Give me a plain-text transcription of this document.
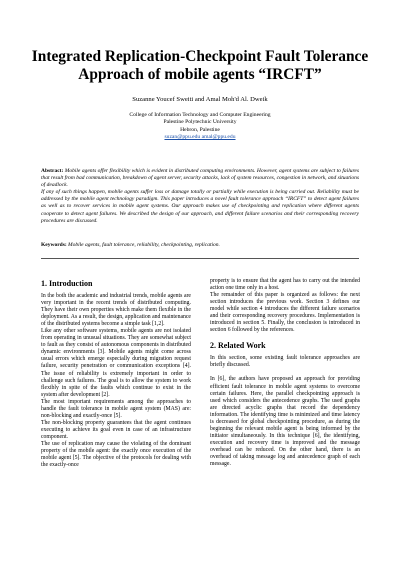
Integrated Replication-Checkpoint Fault Tolerance
Approach of mobile agents “IRCFT”
Suzanne Youcef Sweiti and Amal Moh'd Al. Dweik
College of Information Technology and Computer Engineering
Palestine Polytechnic University
Hebron, Palestine
suzan@ppu.edu amal@ppu.edu

Abstract: Mobile agents offer flexibility which is evident in distributed computing environments. However, agent systems are subject to failures that result from bad communication, breakdown of agent server, security attacks, lack of system resources, congestion in network, and situations of deadlock.

If any of such things happen, mobile agents suffer loss or damage totally or partially while execution is being carried out. Reliability must be addressed by the mobile agent technology paradigm. This paper introduces a novel fault tolerance approach “IRCFT” to detect agent failures as well as to recover services in mobile agent systems. Our approach makes use of checkpointing and replication where different agents cooperate to detect agent failures. We described the design of our approach, and different failure scenarios and their corresponding recovery procedures are discussed.

Keywords: Mobile agents, fault tolerance, reliability, checkpointing, replication.
1. Introduction

In the both the academic and industrial trends, mobile agents are very important in the recent trends of distributed computing. They have their own properties which make them flexible in the deployment. As a result, the design, application and maintenance of the distributed systems become a simple task [1,2].

Like any other software systems, mobile agents are not isolated from operating in unusual situations. They are somewhat subject to fault as they consist of autonomous components in distributed dynamic environments [3]. Mobile agents might come across usual errors which emerge especially during migration request failure, security penetration or communication exceptions [4]. The issue of reliability is extremely important in order to challenge such failures. The goal is to allow the system to work flexibly in spite of the faults which continue to exist in the system after development [2].

The most important requirements among the approaches to handle the fault tolerance in mobile agent system (MAS) are: non-blocking and exactly-once [5].

The non-blocking property guarantees that the agent continues executing to achieve its goal even in case of an infrastructure component.

The use of replication may cause the violating of the dominant property of the mobile agent: the exactly once execution of the mobile agent [5]. The objective of the protocols for dealing with the exactly-once

property is to ensure that the agent has to carry out the intended action one time only in a host.

The remainder of this paper is organized as follows: the next section introduces the previous work. Section 3 defines our model while section 4 introduces the different failure scenarios and their corresponding recovery procedures. Implementation is introduced in section 5. Finally, the conclusion is introduced in section 6 followed by the references.

2. Related Work

In this section, some existing fault tolerance approaches are briefly discussed.

In [6], the authors have proposed an approach for providing efficient fault tolerance in mobile agent systems to overcome certain failures. Here, the parallel checkpointing approach is used which considers the antecedence graphs. The used graphs are directed acyclic graphs that record the dependency information. The identifying time is minimized and time latency is decreased for global checkpointing procedure, as during the beginning the relevant mobile agent is being informed by the initiator simultaneously. In this technique [6], the identifying, execution and recovery time is improved and the message overhead can be reduced. On the other hand, there is an overhead of taking message log and antecedence graph of each message.
